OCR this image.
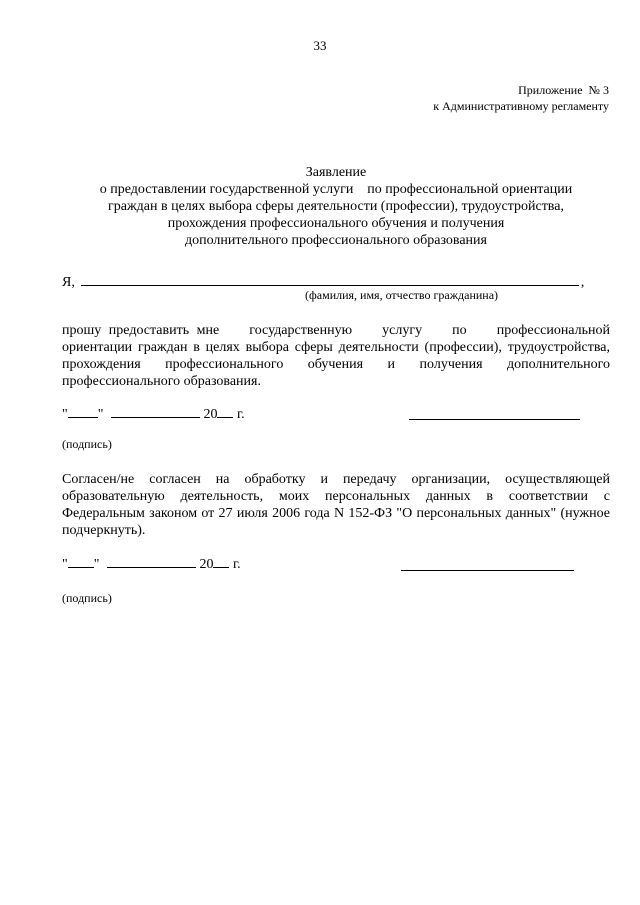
33
Приложение  № 3
к Административному регламенту
Заявление
о предоставлении государственной услуги    по профессиональной ориентации
граждан в целях выбора сферы деятельности (профессии), трудоустройства,
прохождения профессионального обучения и получения
дополнительного профессионального образования
Я,	,
(фамилия, имя, отчество гражданина)
прошу предоставить мне    государственную    услугу    по    профессиональной ориентации граждан в целях выбора сферы деятельности (профессии), трудоустройства, прохождения профессионального обучения и получения дополнительного профессионального образования.
" "	20 г.
(подпись)
Согласен/не согласен на обработку и передачу организации, осуществляющей образовательную деятельность, моих персональных данных в соответствии с Федеральным законом от 27 июля 2006 года N 152-ФЗ "О персональных данных" (нужное подчеркнуть).
" "	20 г.
(подпись)
